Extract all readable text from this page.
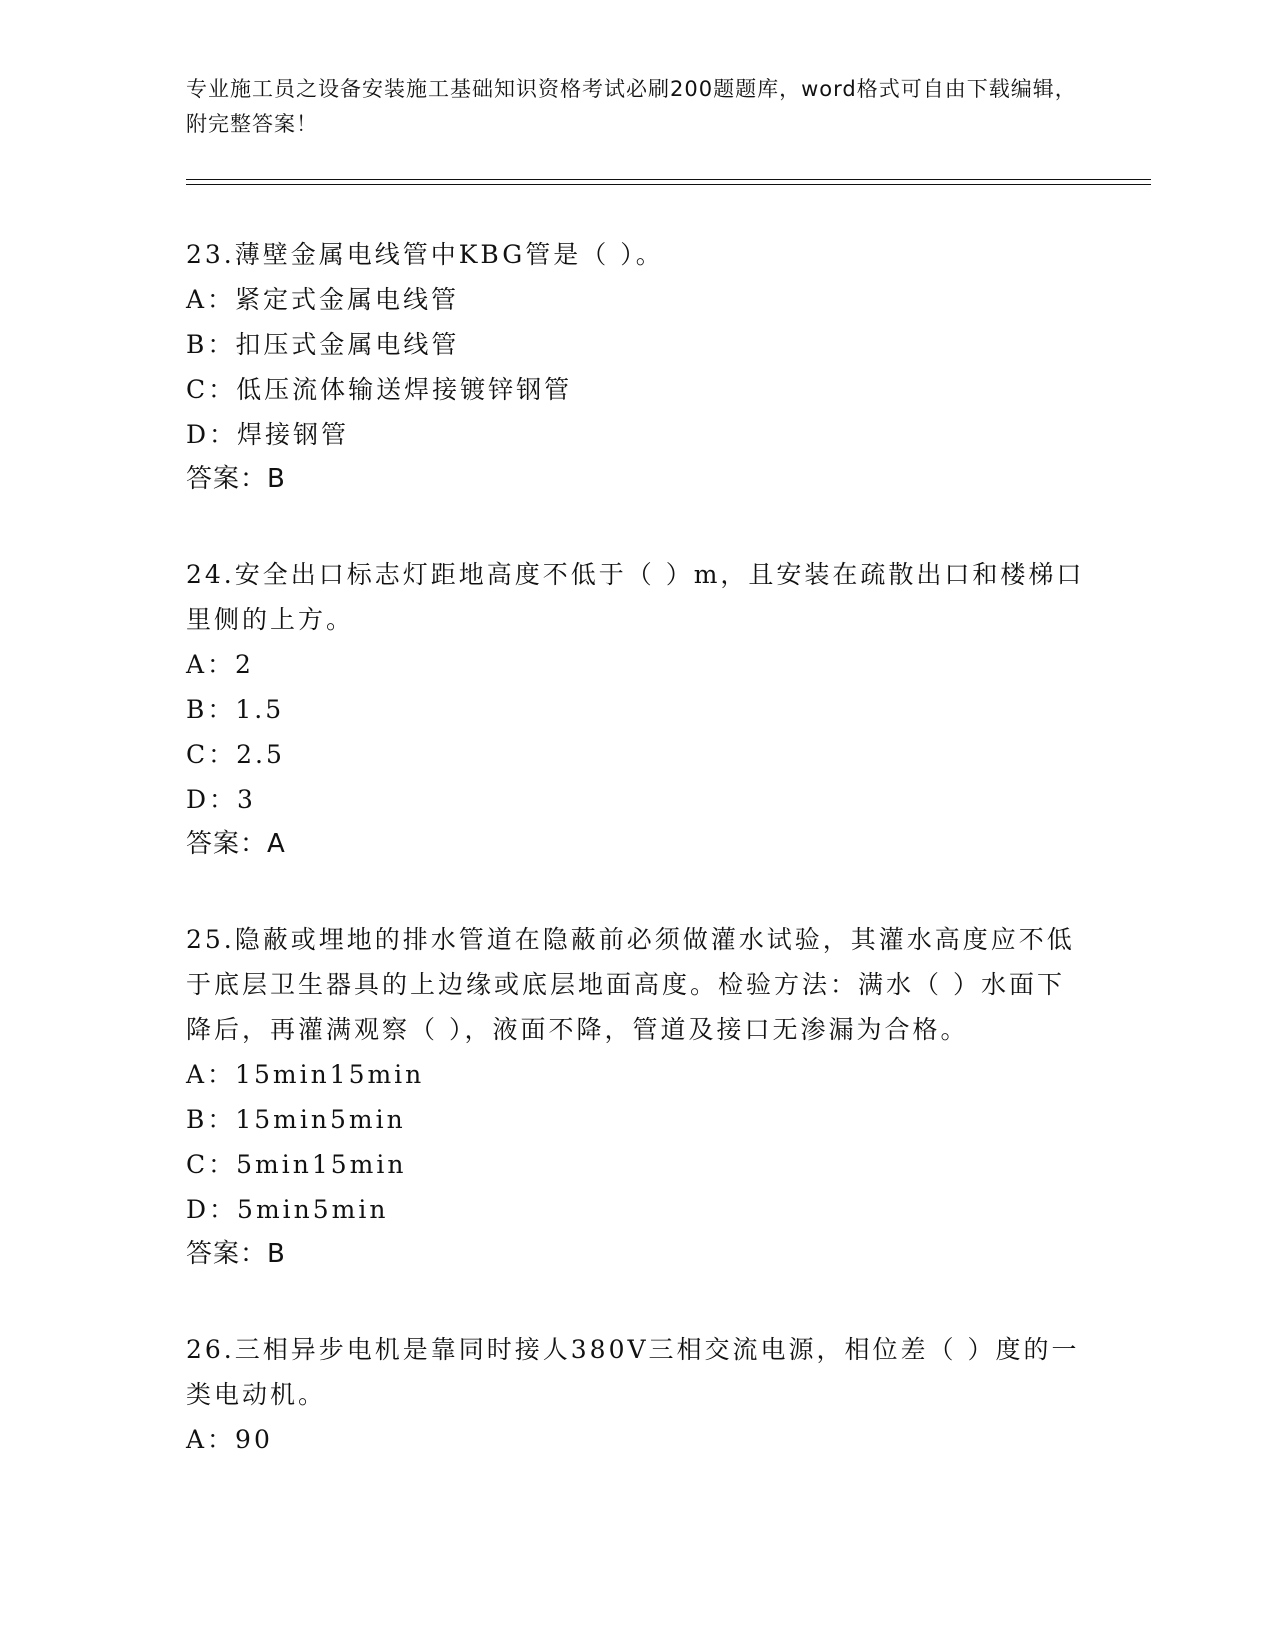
专业施工员之设备安装施工基础知识资格考试必刷200题题库，word格式可自由下载编辑，附完整答案！

23.薄壁金属电线管中KBG管是（ ）。

A：紧定式金属电线管

B：扣压式金属电线管

C：低压流体输送焊接镀锌钢管

D：焊接钢管

答案：B

24.安全出口标志灯距地高度不低于（ ）m，且安装在疏散出口和楼梯口里侧的上方。

A：2

B：1.5

C：2.5

D：3

答案：A

25.隐蔽或埋地的排水管道在隐蔽前必须做灌水试验，其灌水高度应不低于底层卫生器具的上边缘或底层地面高度。检验方法：满水（ ）水面下降后，再灌满观察（ ），液面不降，管道及接口无渗漏为合格。

A：15min15min

B：15min5min

C：5min15min

D：5min5min

答案：B

26.三相异步电机是靠同时接人380V三相交流电源，相位差（ ）度的一类电动机。

A：90
